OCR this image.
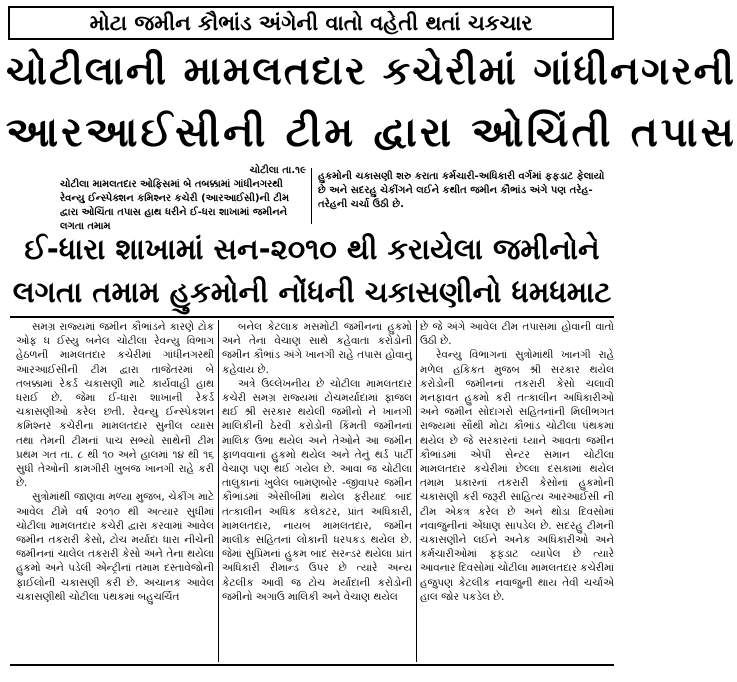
મોટા જમીન કૌભાંડ અંગેની વાતો વહેતી થતાં ચકચાર
ચોટીલાની મામલતદાર કચેરીમાં ગાંધીનગરની
આરઆઈસીની ટીમ દ્વારા ઓચિંતી તપાસ
ચોટીલા તા.૧૯
ચોટીલા મામલતદાર ઓફિસમાં બે તબક્કામાં ગાંધીનગરથી રેવન્યુ ઈન્સ્પેક્શન કમિશ્નર કચેરી (આરઆઈસી)ની ટીમ દ્વારા ઓચિંતા તપાસ હાથ ધરીને ઈ-ધરા શાખામાં જમીનને લગતા તમામ
હુકમોની ચકાસણી શરુ કરાતા કર્મચારી-અધિકારી વર્ગમાં ફફડાટ ફેલાયો છે અને સદરહુ ચેકીંગને લઈને કથીત જમીન કૌભાંડ અંગે પણ તરેહ-તરેહની ચર્ચા ઉઠી છે.
ઈ-ધારા શાખામાં સન-૨૦૧૦ થી કરાયેલા જમીનોને
લગતા તમામ હુકમોની નોંધની ચકાસણીનો ધમધમાટ

સમગ્ર રાજ્યમાં જમીન કૌભાંડને કારણે ટોક ઓફ ધ ઈસ્યુ બનેલ ચોટીલા રેવન્યુ વિભાગ હેઠળની મામલતદાર કચેરીમાં ગાંધીનગરથી આરઆઈસીની ટીમ દ્વારા તાજેતરમાં બે તબક્કામાં રેકર્ડ ચકાસણી માટે કાર્યવાહી હાથ ધરાઈ છે. જેમા ઈ-ધારા શાખાની રેકર્ડ ચકાસણીઓ કરેલ છતી. રેવન્યુ ઈન્સ્પેકશન કમિશ્નર કચેરીના મામલતદાર સુનીલ વ્યાસ તથા તેમની ટીમનાં પાચ સભ્યો સાથેની ટીમ પ્રથમ ગત તા. ૮ થી ૧૦ અને હાલમાં ૧૪ થી ૧૬ સુધી તેઓની કામગીરી ખુબજ ખાનગી રાહે કરી છે.

સુત્રોમાંથી જાણવા મળ્યા મુજબ, ચેકીંગ માટે આવેલ ટીમે વર્ષ ૨૦૧૦ થી અત્યાર સુધીમાં ચોટીલા મામલતદાર કચેરી દ્વારા કરવામાં આવેલ જમીન તકરારી કેસો, ટોચ મર્યાદા ધારા નીચેની જમીનનાં ચાલેલ તકરારી કેસો અને તેના થયેલા હુકમો અને પડેલી એન્ટ્રીનાં તમામ દસ્તાવેજોની ફાઈલોની ચકાસણી કરી છે. અચાનક આવેલ ચકાસણીથી ચોટીલા પંથકમાં બહુચર્ચિત

બનેલ કેટલાક મસમોટી જમીનનાં હુકમો અને તેના વેચાણ સાથે કહેવાતા કરોડોની જમીન કૌભાંડ અંગે ખાનગી રાહે તપાસ હોવાનું કહેવાય છે.

અત્રે ઉલ્લેખનીય છે ચોટીલા મામલતદાર કચેરી સમગ્ર રાજ્યમાં ટોચમર્યાદામાં ફાજલ થઈ શ્રી સરકાર થયેલી જમીનો ને ખાનગી માલિકીની ઠેરવી કરોડોની કિંમતી જમીનનાં માલિક ઉભા થયેલ અને તેઓને આ જમીન ફાળવવાનાં હુકમો થયેલ અને તેનું થર્ડ પાર્ટી વેચાણ પણ થઈ ગયેલ છે. આવા જ ચોટીલા તાલુકાનાં ખુલેલ બામણબોર -જીવાપર જમીન કૌભાંડમાં એસીબીમાં થયેલ ફરીયાદ બાદ તત્કાલીન અધિક કલેકટર, પ્રાંત અધિકારી, મામલતદાર, નાયબ મામલતદાર, જમીન માલીક સહિતનાં લોકાની ધરપકડ થયેલ છે. જેમાં સુપ્રિમનાં હુકમ બાદ સરન્ડર થયેલા પ્રાંત અધિકારી રીમાન્ડ ઉપર છે ત્યારે અન્ય કેટલીક આવી જ ટોચ મર્યાદાની કરોડોની જમીનો અગાઉ માલિકી અને વેચાણ થયેલ

છે જે અંગે આવેલ ટીમ તપાસમાં હોવાની વાતો ઉઠી છે.

રેવન્યુ વિભાગનાં સુત્રોમાંથી ખાનગી રાહે મળેલ હકિકત મુજબ શ્રી સરકાર થયેલ કરોડોની જમીનનાં તકરારી કેસો ચલાવી મનફાવત હુકમો કરી તત્કાલીન અધિકારીઓ અને જમીન સોદાગરો સહિતનાંની મિલીભગત રાજ્યમાં સૌથી મોટા કૌભાંડ ચોટીલા પંથકમાં થયેલ છે જે સરકારનાં ધ્યાને આવતા જમીન કૌભાંડમાં એપી સેન્ટર સમાન ચોટીલા મામલતદાર કચેરીમાં છેલ્લા દસકામાં થયેલ તમામ પ્રકારનાં તકરારી કેસોનાં હુકમોની ચકાસણી કરી જરૂરી સાહિત્ય આરઆઈસી ની ટીમ એકત્ર કરેલ છે અને થોડા દિવસોમાં નવાજુનીનાં એંધાણ સાપડેલ છે. સદરહુ ટીમની ચકાસણીને લઈને અનેક અધિકારીઓ અને કર્મચારીઓમાં ફફડાટ વ્યાપેલ છે ત્યારે આવનાર દિવસોમાં ચોટીલા મામલતદાર કચેરીમાં હજુપણ કેટલીક નવાજુની થાય તેવી ચર્ચાએ હાલ જોર પકડેલ છે.
